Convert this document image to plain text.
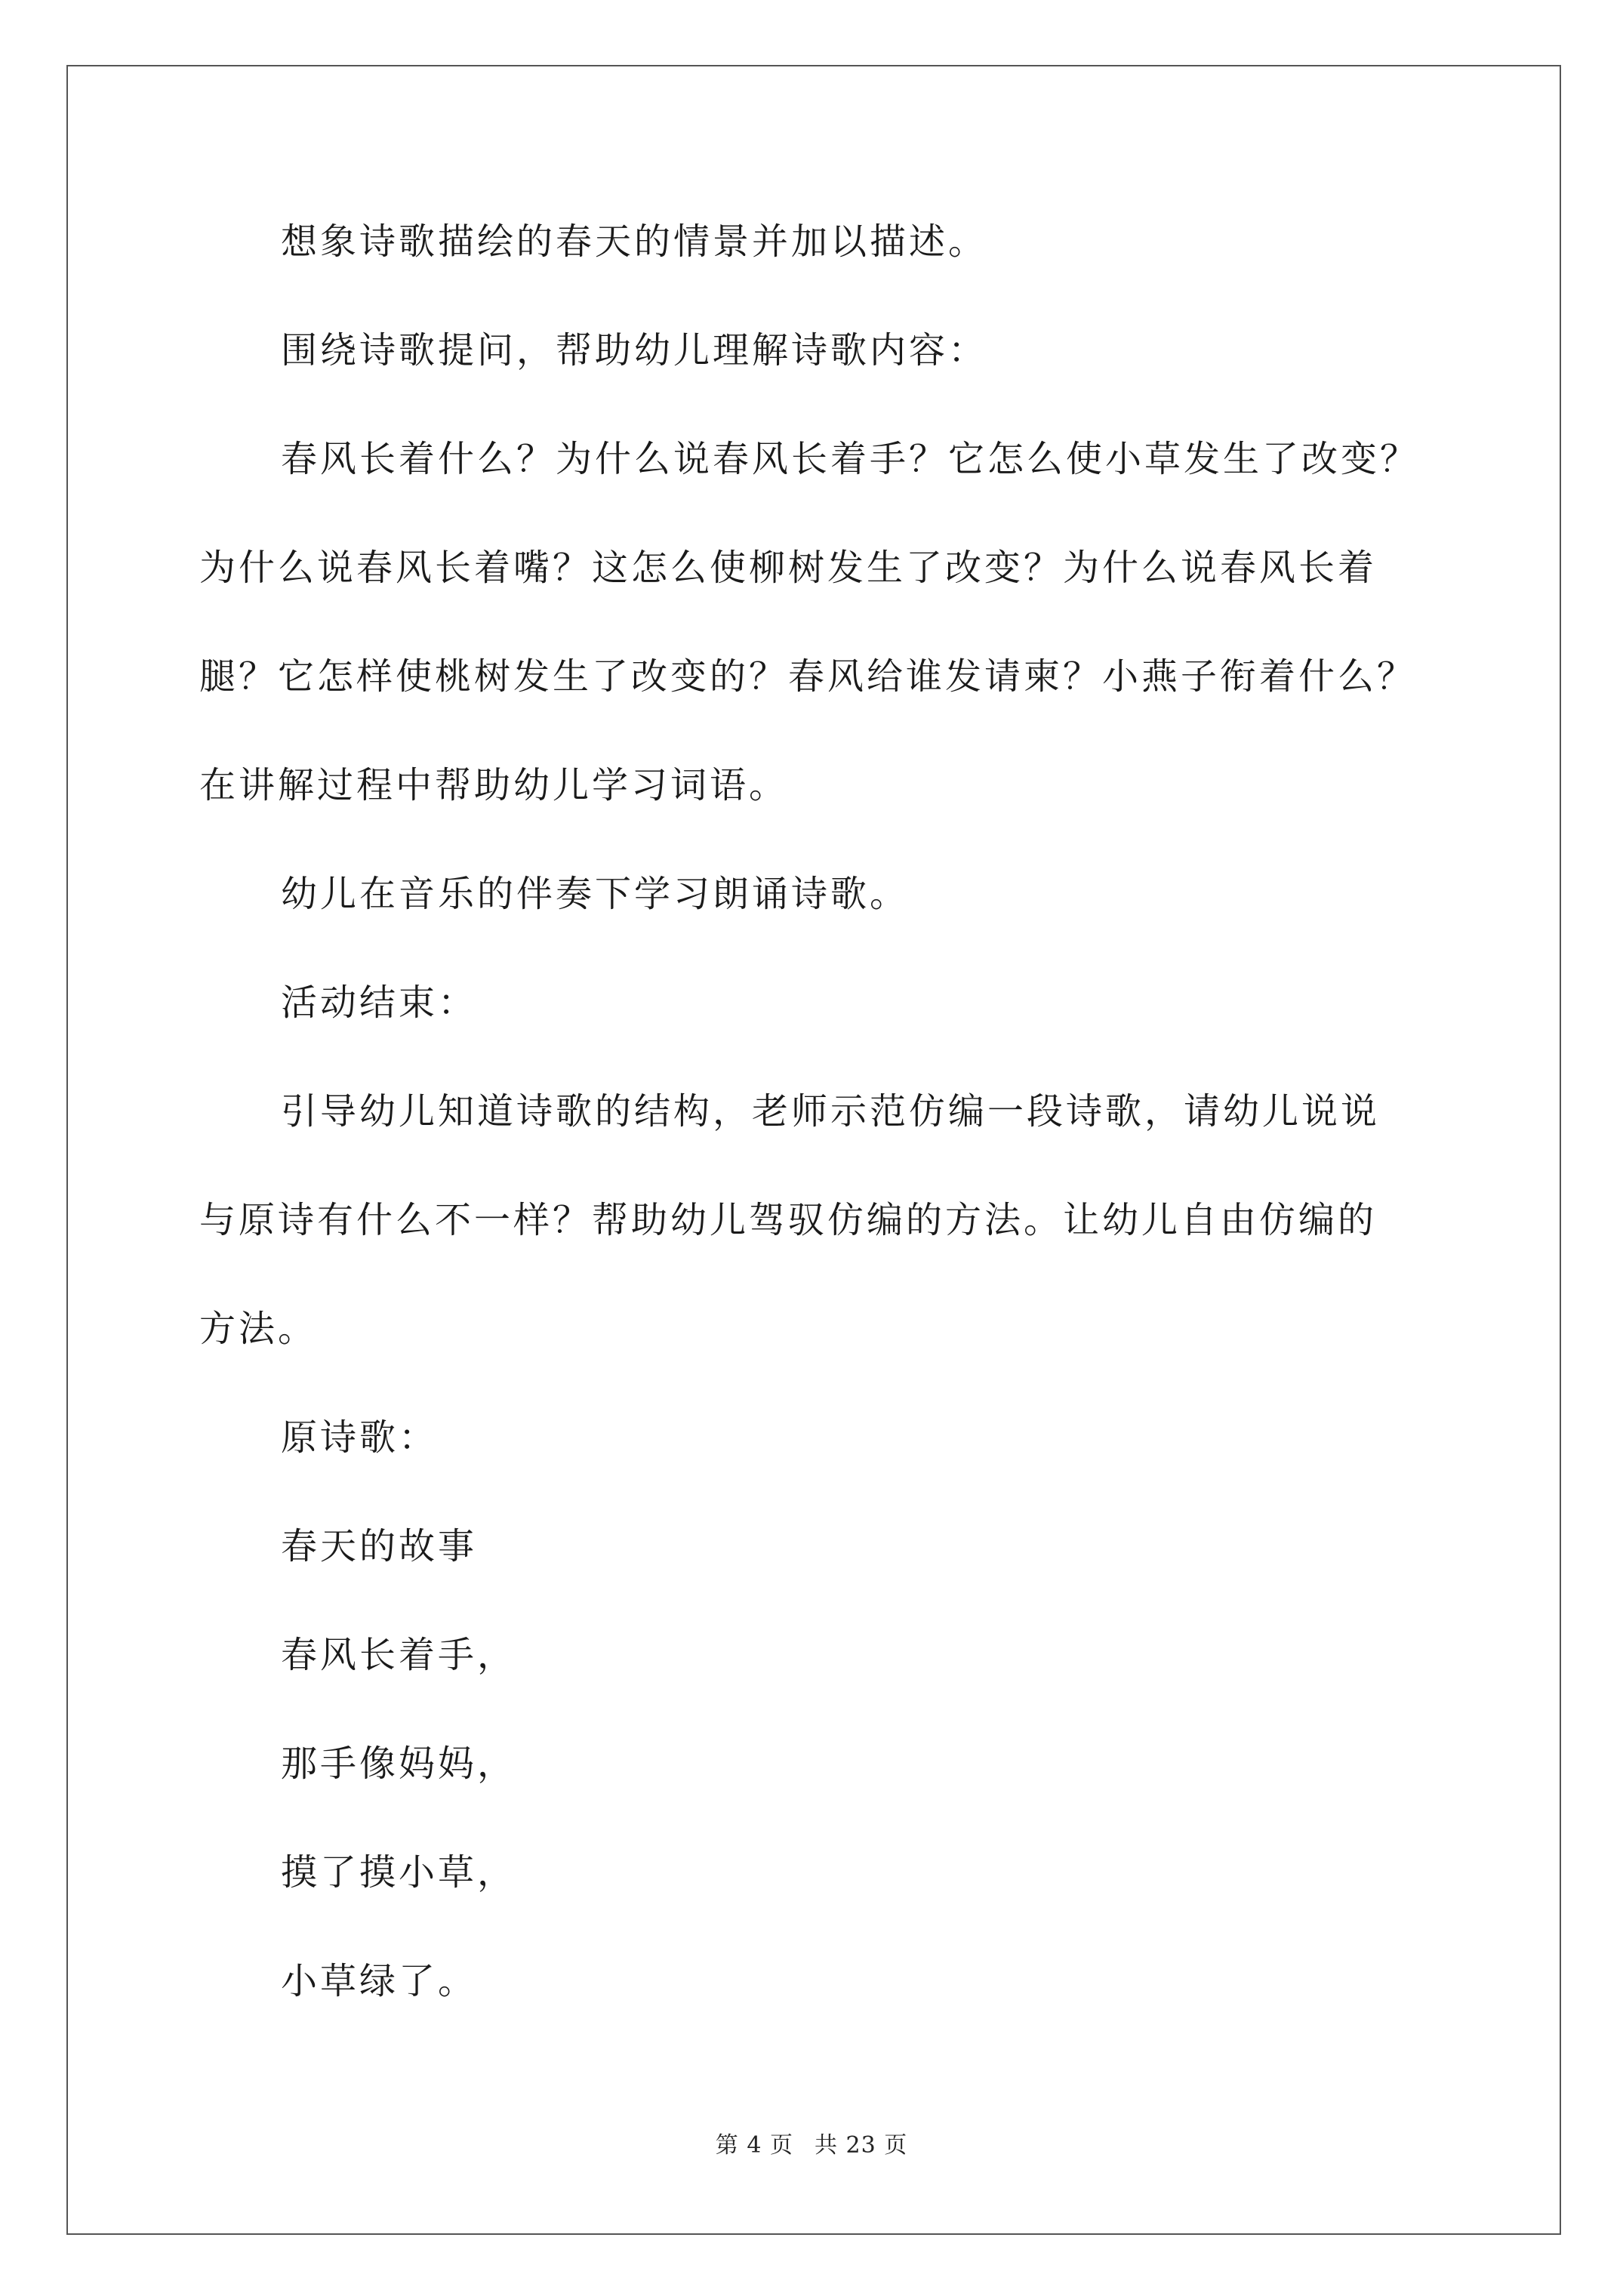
想象诗歌描绘的春天的情景并加以描述。
围绕诗歌提问，帮助幼儿理解诗歌内容：
春风长着什么？为什么说春风长着手？它怎么使小草发生了改变？
为什么说春风长着嘴？这怎么使柳树发生了改变？为什么说春风长着
腿？它怎样使桃树发生了改变的？春风给谁发请柬？小燕子衔着什么？
在讲解过程中帮助幼儿学习词语。
幼儿在音乐的伴奏下学习朗诵诗歌。
活动结束：
引导幼儿知道诗歌的结构，老师示范仿编一段诗歌，请幼儿说说
与原诗有什么不一样？帮助幼儿驾驭仿编的方法。让幼儿自由仿编的
方法。
原诗歌：
春天的故事
春风长着手，
那手像妈妈，
摸了摸小草，
小草绿了。
第 4 页 共 23 页
